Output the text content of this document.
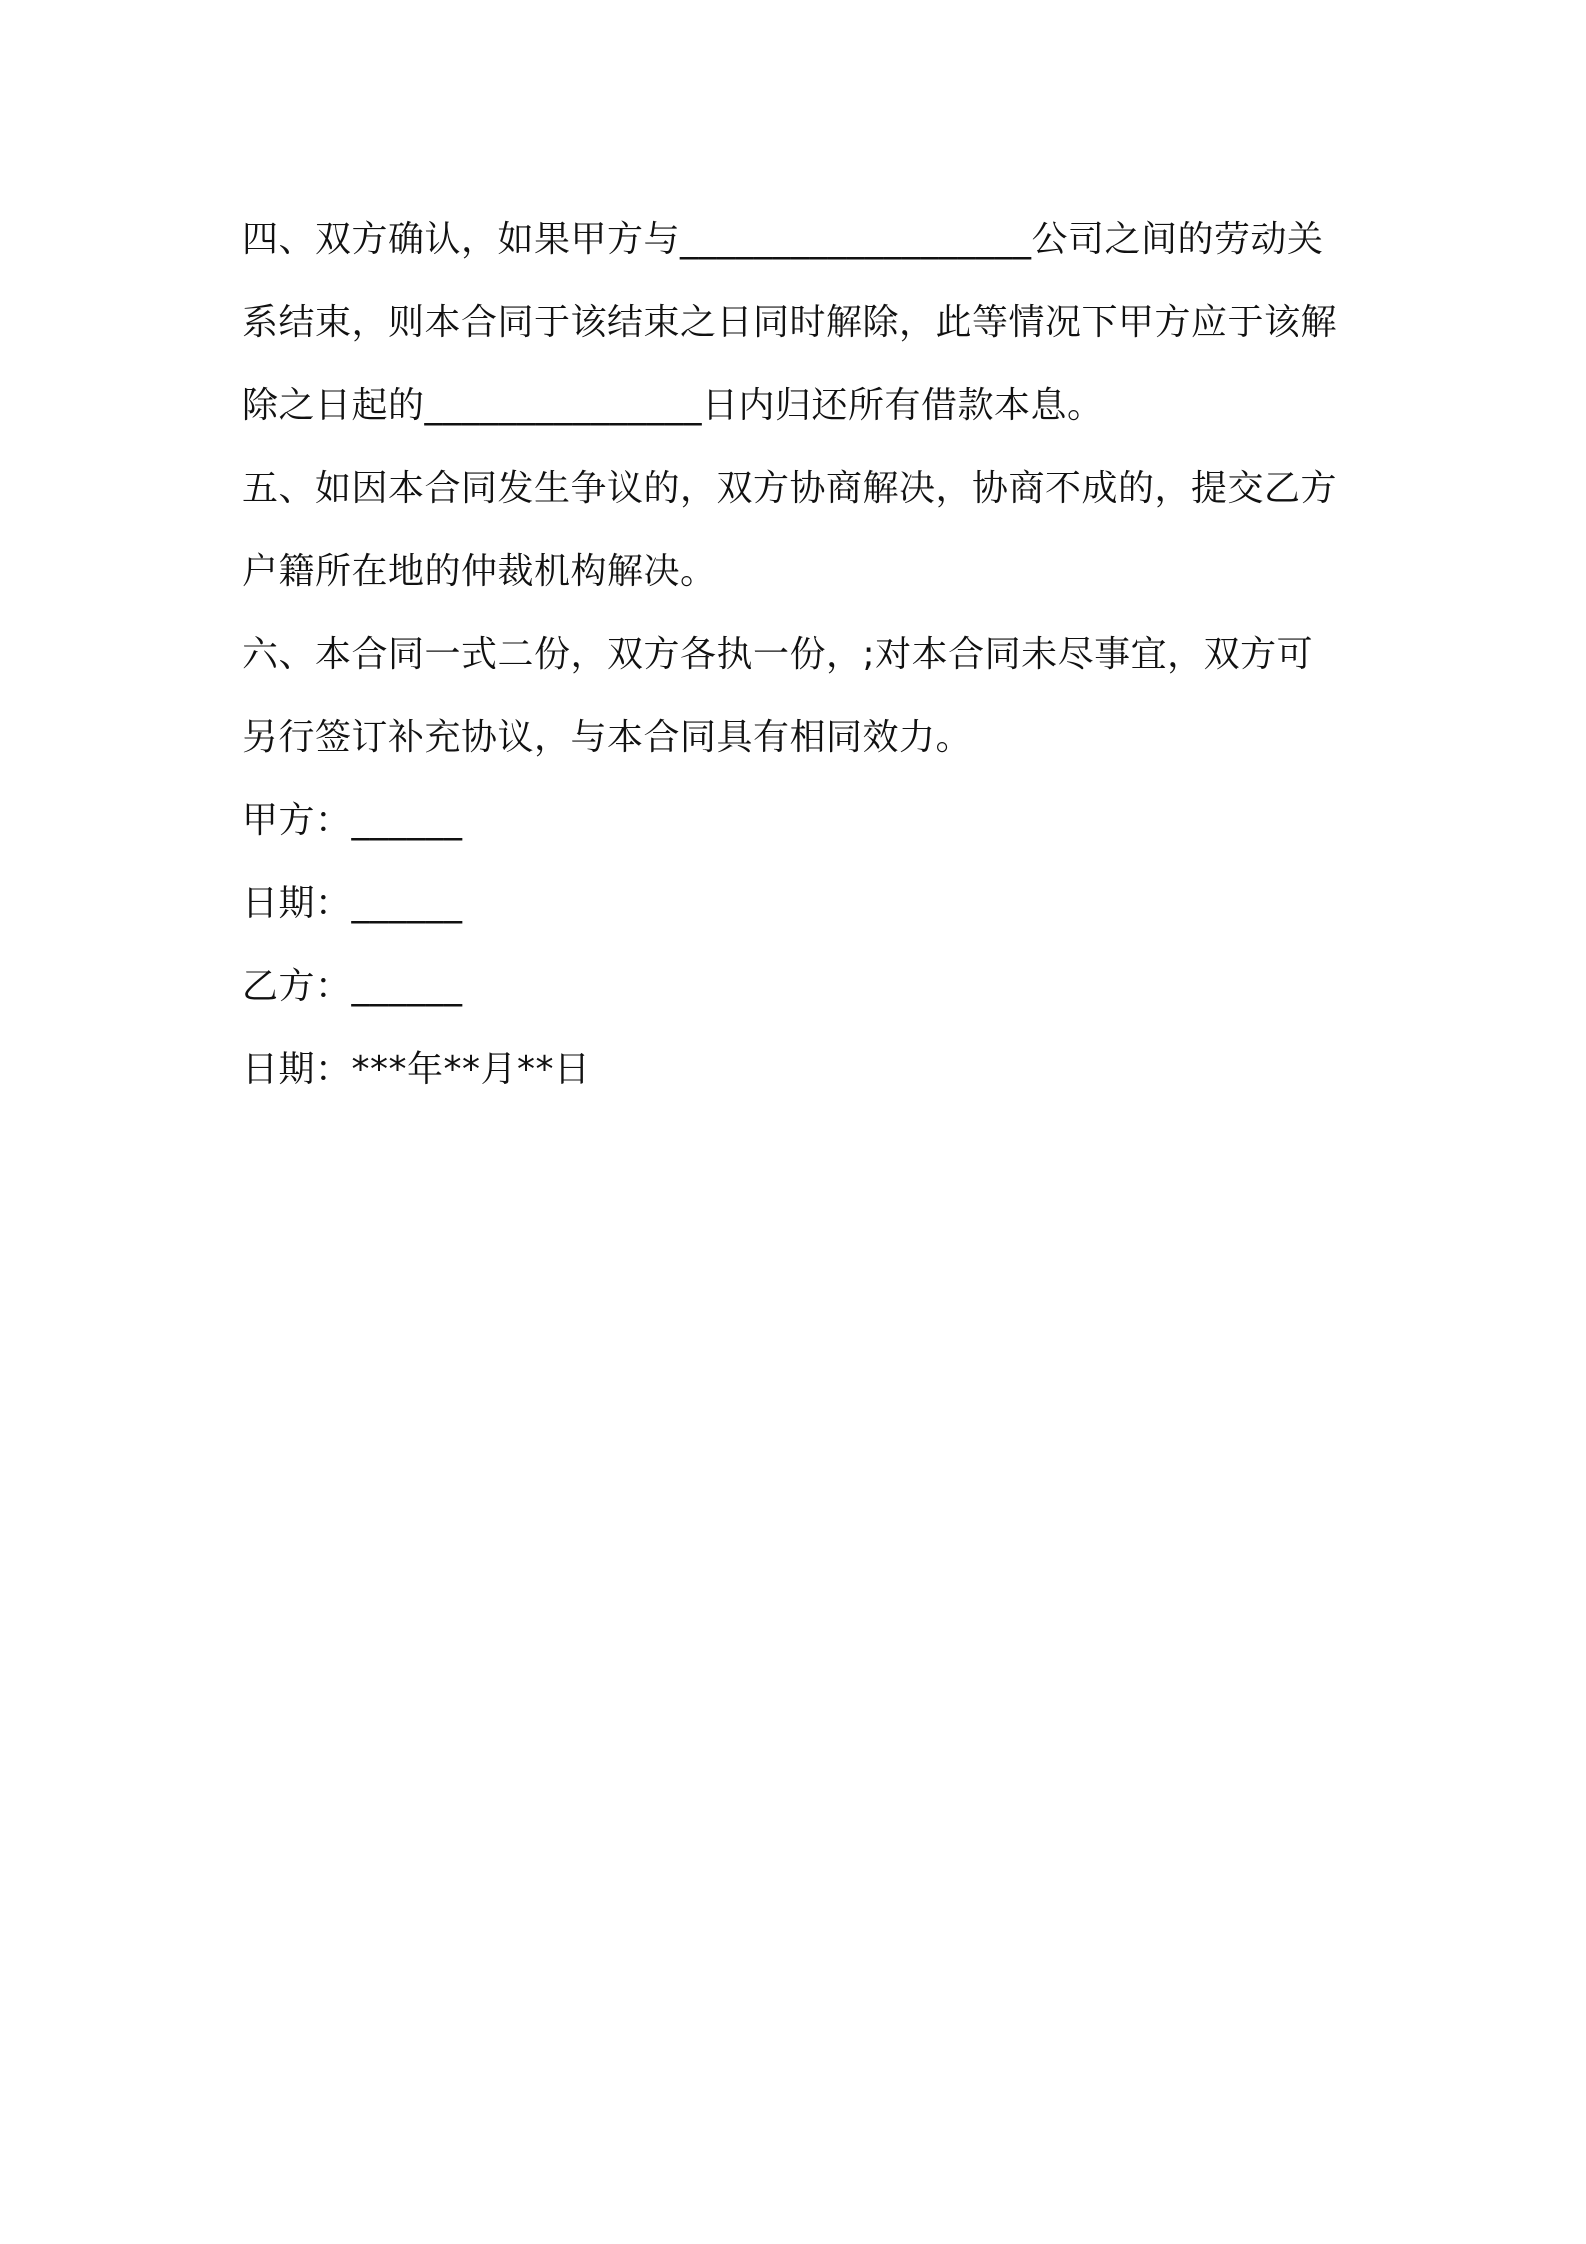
四、双方确认，如果甲方与___________________公司之间的劳动关
系结束，则本合同于该结束之日同时解除，此等情况下甲方应于该解
除之日起的_______________日内归还所有借款本息。
五、如因本合同发生争议的，双方协商解决，协商不成的，提交乙方
户籍所在地的仲裁机构解决。
六、本合同一式二份，双方各执一份，;对本合同未尽事宜，双方可
另行签订补充协议，与本合同具有相同效力。
甲方：______
日期：______
乙方：______
日期：***年**月**日
